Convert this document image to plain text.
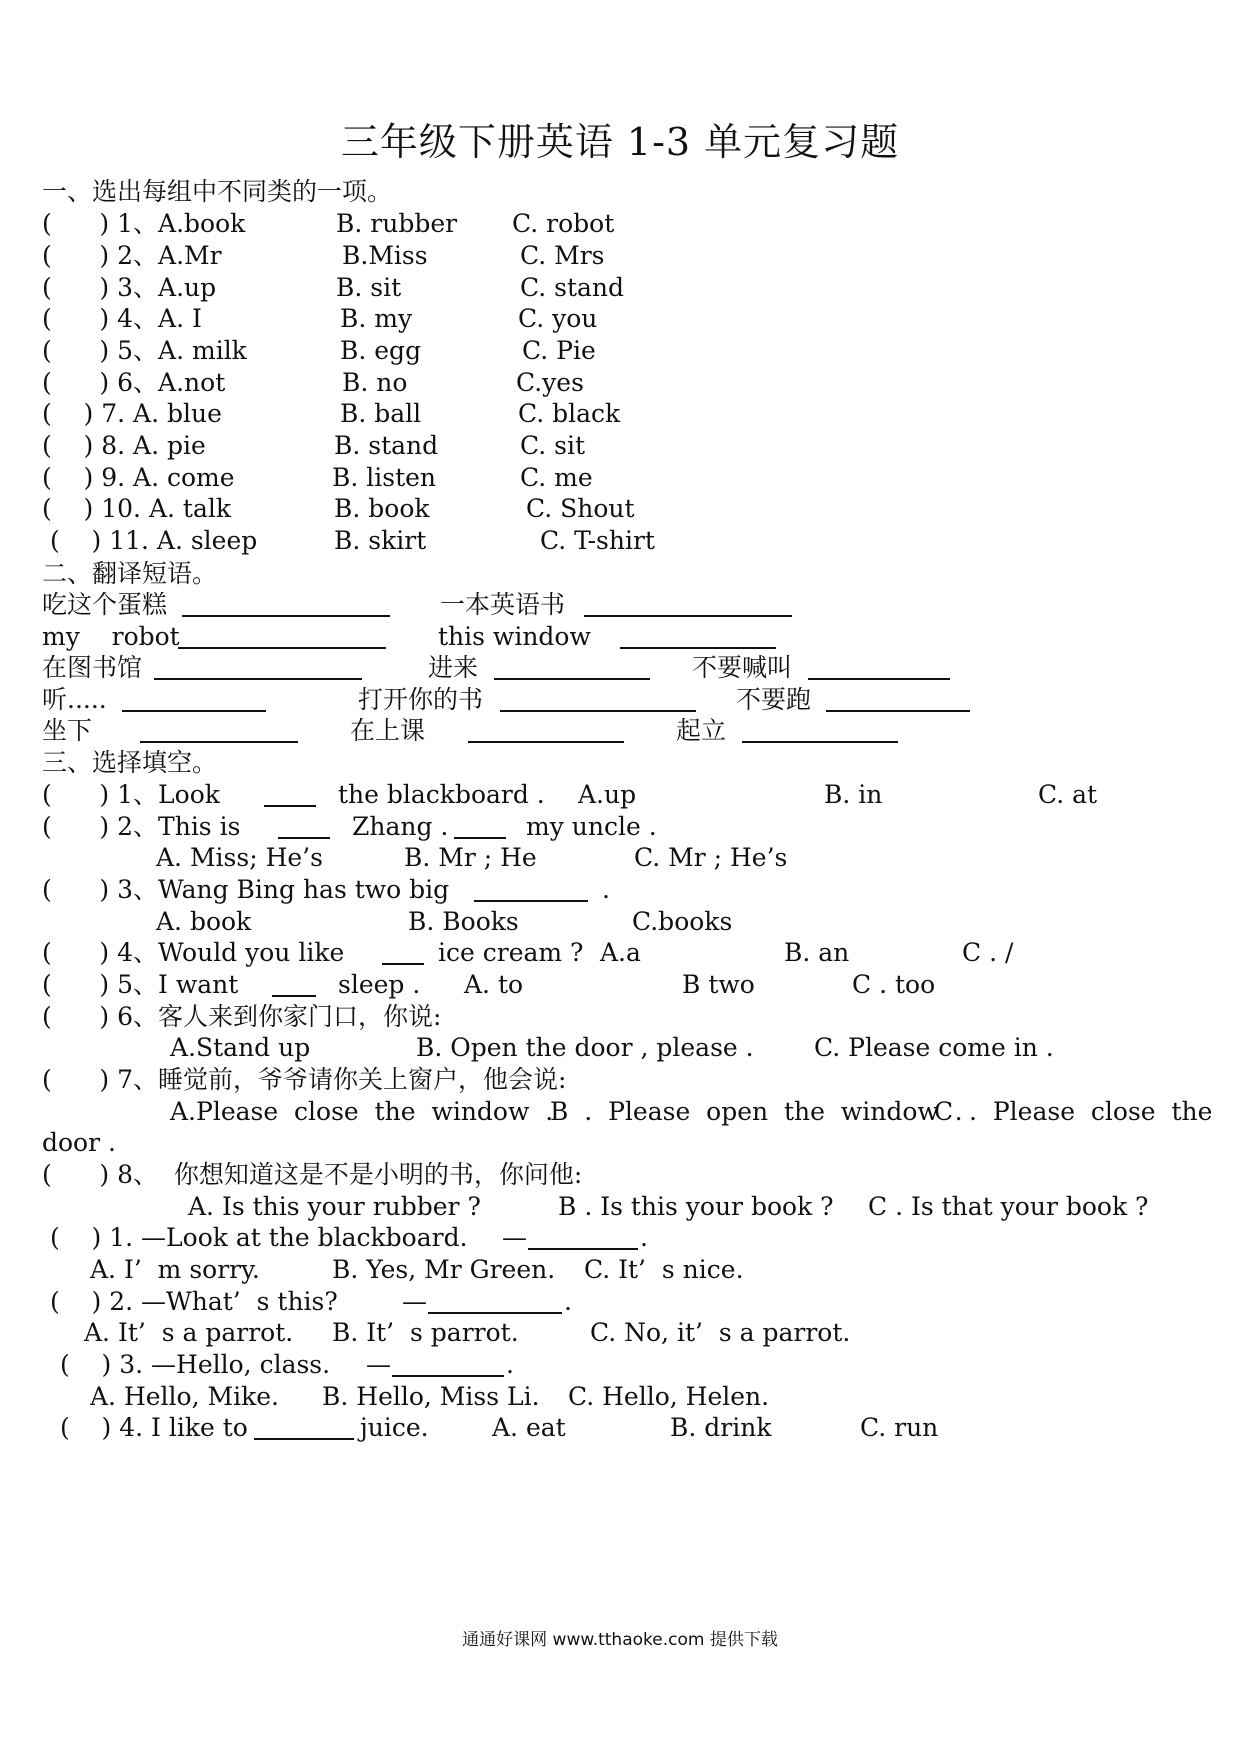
三年级下册英语 1-3 单元复习题
一、选出每组中不同类的一项。
(      ) 1、A.book	B. rubber C. robot
(      ) 2、A.Mr	B.Miss	C. Mrs
(      ) 3、A.up	B. sit	C. stand
(      ) 4、A. I	B. my	C. you
(      ) 5、A. milk	B. egg	C. Pie
(      ) 6、A.not	B. no	C.yes
(    ) 7. A. blue	B. ball	C. black
(    ) 8. A. pie	B. stand	C. sit
(    ) 9. A. come	B. listen	C. me
(    ) 10. A. talk	B. book	C. Shout
(    ) 11. A. sleep	B. skirt	C. T-shirt
二、翻译短语。
吃这个蛋糕	一本英语书
my    robot	this window
在图书馆	进来	不要喊叫
听.....	打开你的书	不要跑
坐下	在上课	起立
三、选择填空。
(      ) 1、Look	the blackboard . A.up	B. in	C. at
(      ) 2、This is	Zhang .	my uncle .
A. Miss; He’s	B. Mr ; He	C. Mr ; He’s
(      ) 3、Wang Bing has two big	.
A. book	B. Books	C.books
(      ) 4、Would you like	ice cream ? A.a	B. an	C . /
(      ) 5、I want	sleep . A. to	B two	C . too
(      ) 6、客人来到你家门口，你说:
A.Stand up	B. Open the door , please . C. Please come in .
(      ) 7、睡觉前，爷爷请你关上窗户，他会说:
A.Please  close  the  window  .
B  .  Please  open  the  window  .
C  .  Please  close  the
door .
(      ) 8、  你想知道这是不是小明的书，你问他:
A. Is this your rubber ?	B . Is this your book ? C . Is that your book ?
(    ) 1. —Look at the blackboard. —	.
A. I’  m sorry.	B. Yes, Mr Green. C. It’  s nice.
(    ) 2. —What’  s this?	—	.
A. It’  s a parrot. B. It’  s parrot.	C. No, it’  s a parrot.
(    ) 3. —Hello, class. —	.
A. Hello, Mike. B. Hello, Miss Li. C. Hello, Helen.
(    ) 4. I like to	juice.	A. eat	B. drink	C. run
通通好课网 www.tthaoke.com 提供下载
